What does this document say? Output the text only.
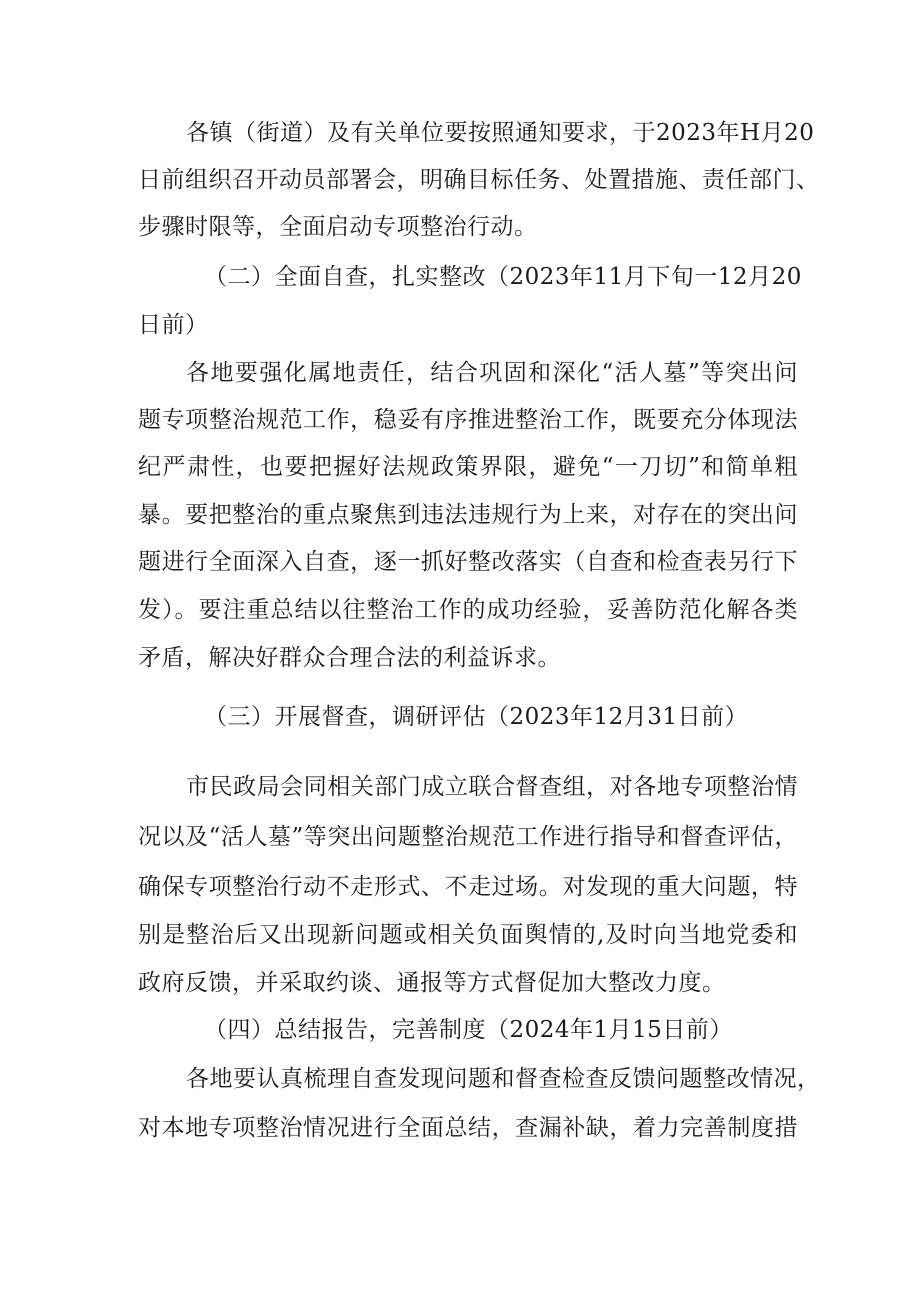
各镇（街道）及有关单位要按照通知要求，于2023年H月20
日前组织召开动员部署会，明确目标任务、处置措施、责任部门、
步骤时限等，全面启动专项整治行动。
（二）全面自查，扎实整改（2023年11月下旬一12月20
日前）
各地要强化属地责任，结合巩固和深化“活人墓”等突出问
题专项整治规范工作，稳妥有序推进整治工作，既要充分体现法
纪严肃性，也要把握好法规政策界限，避免“一刀切”和简单粗
暴。要把整治的重点聚焦到违法违规行为上来，对存在的突出问
题进行全面深入自查，逐一抓好整改落实（自查和检查表另行下
发）。要注重总结以往整治工作的成功经验，妥善防范化解各类
矛盾，解决好群众合理合法的利益诉求。
（三）开展督查，调研评估（2023年12月31日前）
市民政局会同相关部门成立联合督查组，对各地专项整治情
况以及“活人墓”等突出问题整治规范工作进行指导和督查评估，
确保专项整治行动不走形式、不走过场。对发现的重大问题，特
别是整治后又出现新问题或相关负面舆情的,及时向当地党委和
政府反馈，并采取约谈、通报等方式督促加大整改力度。
（四）总结报告，完善制度（2024年1月15日前）
各地要认真梳理自查发现问题和督查检查反馈问题整改情况，
对本地专项整治情况进行全面总结，查漏补缺，着力完善制度措
